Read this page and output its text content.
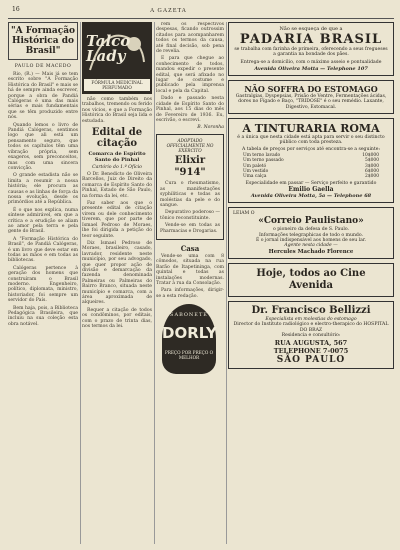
16	A GAZETA
"A Formação Histórica do Brasil"
PAULO DE MACEDO

Rio, (R.) — Mais já se tem escrito sobre "A Formação Histórica do Brasil" e mais se há de sempre ainda escrever, porque a obra de Pandiá Calógeras é uma das mais sérias e mais fundamentais que se têm produzido entre nós.

Quando lemos o livro de Pandiá Calógeras, sentimos logo que ali está um pensamento seguro, que todos os capítulos têm uma vibração própria, sem exageros, sem preconceitos, mas com uma sincera convicção.

O grande estadista não se limita a resumir a nossa história; ele procura as causas e as linhas de força da nossa evolução, desde os primórdios até a República.

É o que nos explica, numa síntese admirável, em que a crítica e a erudição se aliam ao amor pela terra e pela gente do Brasil.

A "Formação Histórica do Brasil", de Pandiá Calógeras, é um livro que deve estar em todas as mãos e em todas as bibliotecas.

Calógeras pertence à geração dos homens que construíram o Brasil moderno. Engenheiro, político, diplomata, ministro, historiador, foi sempre um servidor do País.

Bem haja, pois, a Biblioteca Pedagógica Brasileira, que incluiu na sua coleção esta obra notável.

Talco Lady
FÓRMULA MEDICINAL PERFUMADO

não como também nos trabalhos, tremendo ou ferido nos vícios, e que a Formação Histórica do Brasil seja lida e estudada.

Edital de citação
Comarca de Espírito Santo do Pinhal
Cartório do 1.º Ofício

O Dr. Benedicto de Oliveira Barcellos, Juiz de Direito da comarca de Espírito Santo do Pinhal, Estado de São Paulo, na forma da lei, etc.

Faz saber aos que o presente edital de citação virem ou dele conhecimento tiverem, que por parte de Ismael Pedroso de Moraes, lhe foi dirigida a petição do teor seguinte.

Diz Ismael Pedroso de Moraes, brasileiro, casado, lavrador, residente neste município, por seu advogado, que quer propor ação de divisão e demarcação da fazenda denominada Palmeiras ou Palmeiras do Bairro Branco, situada neste município e comarca, com a área aproximada de alqueires.

Requer a citação de todos os condôminos, por editais, com o prazo de trinta dias, nos termos da lei.

rem os respectivos despesas, ficando outrossim citados para acompanharem todos os termos da causa, até final decisão, sob pena de revelia.

E para que chegue ao conhecimento de todos, mandou expedir o presente edital, que será afixado no lugar de costume e publicado pela imprensa local e pela da Capital.

Dado e passado nesta cidade de Espírito Santo do Pinhal, aos 15 dias do mês de Fevereiro de 1936. Eu, escrivão, o escrevi.

B. Noronha
ADOPTADO OFFICIALMENTE NO EXÉRCITO
Elixir "914"

Cura o rheumatismo, as manifestações syphiliticas e todas as moléstias da pele e do sangue.

Depurativo poderoso — tônico reconstituinte.

Vende-se em todas as Pharmacias e Drogarias.

Casa

Vende-se uma com 8 cômodos, situada na rua Barão de Itapetininga, com quintal e todas as instalações modernas. Tratar à rua da Consolação.

Para informações, dirigir-se a esta redação.

SABONETE
DORLY
PREÇO POR PREÇO O MELHOR
Não se esqueça de que a
PADARIA BRASIL
se trabalha com farinha de primeira, oferecendo a seus fregueses a garantia na bondade dos pães.
Entrega-se a domicílio, com o máximo asseio e pontualidade
Avenida Oliveira Motta — Telephone 107
NÃO SOFFRA DO ESTOMAGO
Gastralgias, Dyspepsias, Prisão de Ventre, Fermentações ácidas, dores no Fígado e Baço, "TRIDOSE" é o seu remédio. Laxante, Digestivo, Estomacal.
A TINTURARIA ROMA
é a única que nesta cidade está apta para servir o seu distincto público com toda presteza.
A tabela de preços por serviços até encontra-se a seguinte:
Um terno lavado	10$000
Um terno passado	5$000
Um paletó	3$000
Um vestido	6$000
Uma calça	2$000
Especialidade em passar — Serviço perfeito e garantido
Emilio Gaella
Avenida Oliveira Motta, 5a — Telephone 68
LEIAM O
«Correio Paulistano»
o pioneiro da defesa de S. Paulo.
Informações telegraphicas de todo o mundo.
É o jornal indispensável aos homens de seu lar.
Agente nesta cidade —
Hercules Machado Florence
Hoje, todos ao Cine Avenida
Dr. Francisco Bellizzi
Especialista em molestias do estomago
Director do Instituto radiológico e electro-therapico do HOSPITAL DO BRAZ
Residencia e consultório:
RUA AUGUSTA, 567
TELEPHONE 7-0075
SÃO PAULO
